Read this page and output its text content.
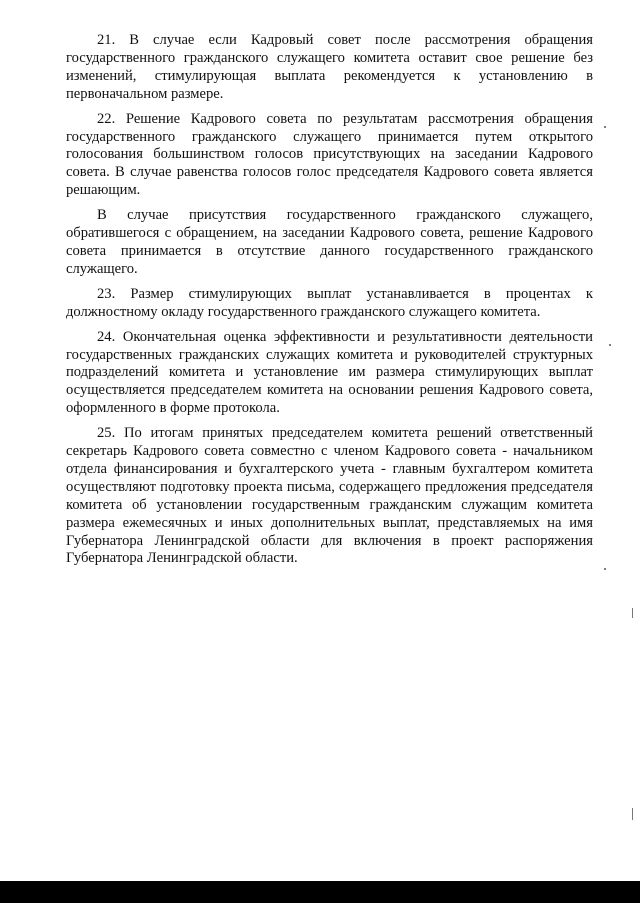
21. В случае если Кадровый совет после рассмотрения обращения государственного гражданского служащего комитета оставит свое решение без изменений, стимулирующая выплата рекомендуется к установлению в первоначальном размере.

22. Решение Кадрового совета по результатам рассмотрения обращения государственного гражданского служащего принимается путем открытого голосования большинством голосов присутствующих на заседании Кадрового совета. В случае равенства голосов голос председателя Кадрового совета является решающим.

В случае присутствия государственного гражданского служащего, обратившегося с обращением, на заседании Кадрового совета, решение Кадрового совета принимается в отсутствие данного государственного гражданского служащего.

23. Размер стимулирующих выплат устанавливается в процентах к должностному окладу государственного гражданского служащего комитета.

24. Окончательная оценка эффективности и результативности деятельности государственных гражданских служащих комитета и руководителей структурных подразделений комитета и установление им размера стимулирующих выплат осуществляется председателем комитета на основании решения Кадрового совета, оформленного в форме протокола.

25. По итогам принятых председателем комитета решений ответственный секретарь Кадрового совета совместно с членом Кадрового совета - начальником отдела финансирования и бухгалтерского учета - главным бухгалтером комитета осуществляют подготовку проекта письма, содержащего предложения председателя комитета об установлении государственным гражданским служащим комитета размера ежемесячных и иных дополнительных выплат, представляемых на имя Губернатора Ленинградской области для включения в проект распоряжения Губернатора Ленинградской области.
